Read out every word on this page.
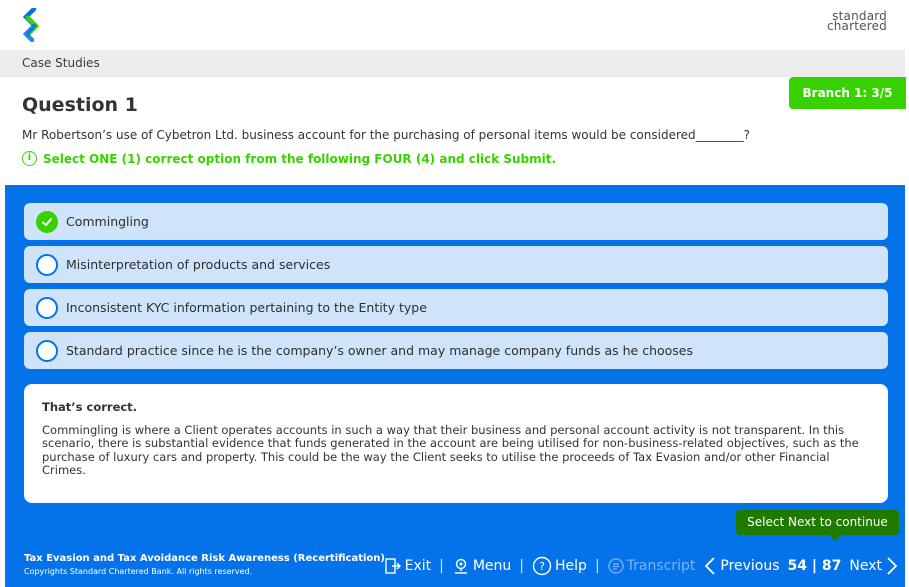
standard
chartered
Case Studies
Branch 1: 3/5
Question 1
Mr Robertson’s use of Cybetron Ltd. business account for the purchasing of personal items would be considered________?
i Select ONE (1) correct option from the following FOUR (4) and click Submit.
Commingling
Misinterpretation of products and services
Inconsistent KYC information pertaining to the Entity type
Standard practice since he is the company’s owner and may manage company funds as he chooses
That’s correct.
Commingling is where a Client operates accounts in such a way that their business and personal account activity is not transparent. In this scenario, there is substantial evidence that funds generated in the account are being utilised for non-business-related objectives, such as the purchase of luxury cars and property. This could be the way the Client seeks to utilise the proceeds of Tax Evasion and/or other Financial Crimes.
Select Next to continue
Tax Evasion and Tax Avoidance Risk Awareness (Recertification)
Copyrights Standard Chartered Bank. All rights reserved.	Exit | Menu | ? Help | Transcript Previous 54 | 87 Next
